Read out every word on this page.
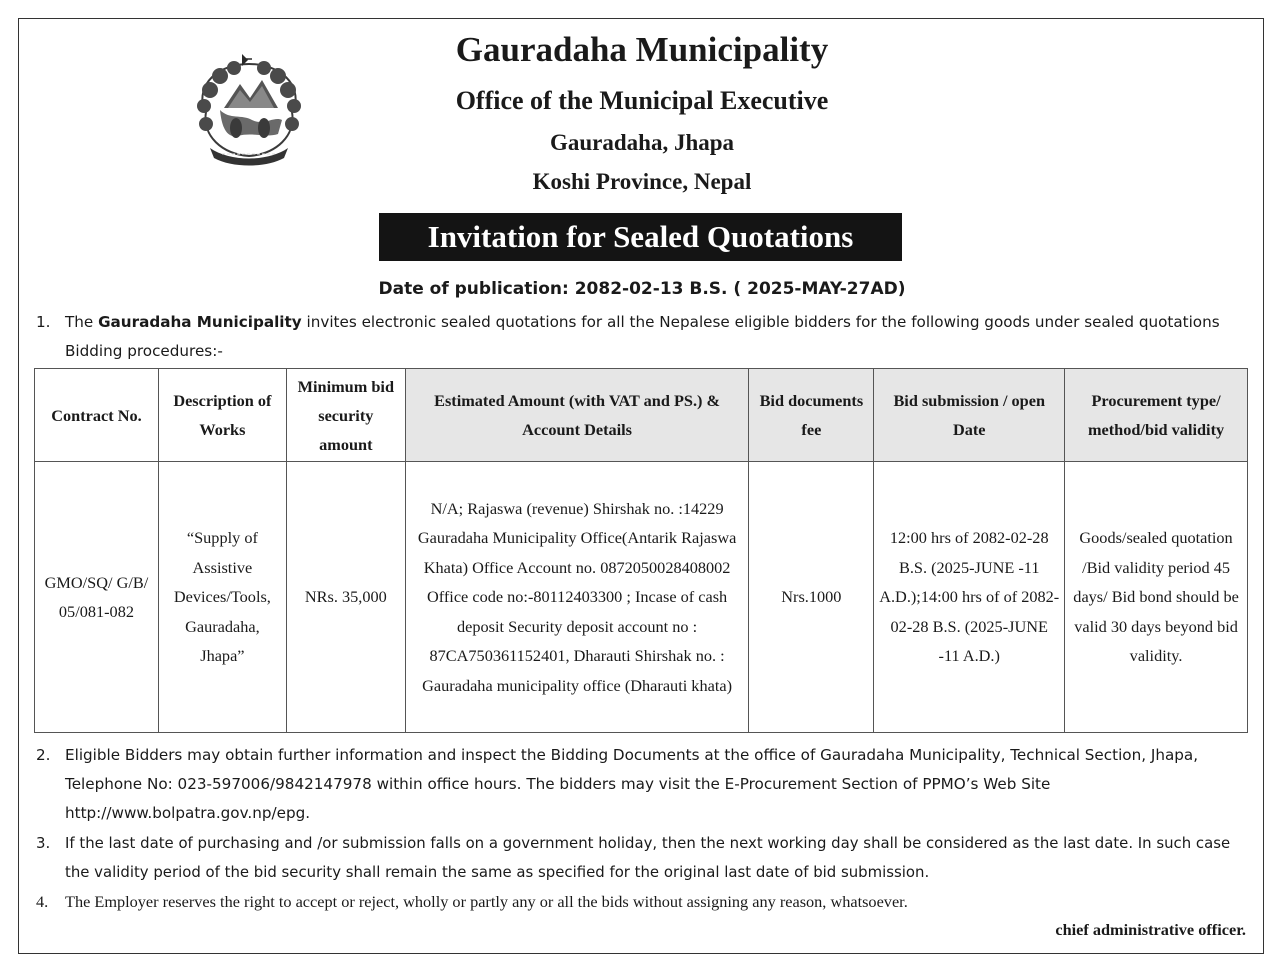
Gauradaha Municipality
Office of the Municipal Executive
Gauradaha, Jhapa
Koshi Province, Nepal
Invitation for Sealed Quotations
Date of publication: 2082-02-13 B.S. ( 2025-MAY-27AD)
1. The Gauradaha Municipality invites electronic sealed quotations for all the Nepalese eligible bidders for the following goods under sealed quotations Bidding procedures:-
Contract No.	Description of Works	Minimum bid security amount	Estimated Amount (with VAT and PS.) & Account Details	Bid documents fee	Bid submission / open Date	Procurement type/ method/bid validity
GMO/SQ/ G/B/ 05/081-082	“Supply of Assistive Devices/Tools, Gauradaha, Jhapa”	NRs. 35,000	N/A; Rajaswa (revenue) Shirshak no. :14229 Gauradaha Municipality Office(Antarik Rajaswa Khata) Office Account no. 0872050028408002 Office code no:-80112403300 ; Incase of cash deposit Security deposit account no : 87CA750361152401, Dharauti Shirshak no. : Gauradaha municipality office (Dharauti khata)	Nrs.1000	12:00 hrs of 2082-02-28 B.S. (2025-JUNE -11 A.D.);14:00 hrs of of 2082-02-28 B.S. (2025-JUNE -11 A.D.)	Goods/sealed quotation /Bid validity period 45 days/ Bid bond should be valid 30 days beyond bid validity.
2. Eligible Bidders may obtain further information and inspect the Bidding Documents at the office of Gauradaha Municipality, Technical Section, Jhapa, Telephone No: 023-597006/9842147978 within office hours. The bidders may visit the E-Procurement Section of PPMO’s Web Site http://www.bolpatra.gov.np/epg.
3. If the last date of purchasing and /or submission falls on a government holiday, then the next working day shall be considered as the last date. In such case the validity period of the bid security shall remain the same as specified for the original last date of bid submission.
4. The Employer reserves the right to accept or reject, wholly or partly any or all the bids without assigning any reason, whatsoever.
chief administrative officer.
